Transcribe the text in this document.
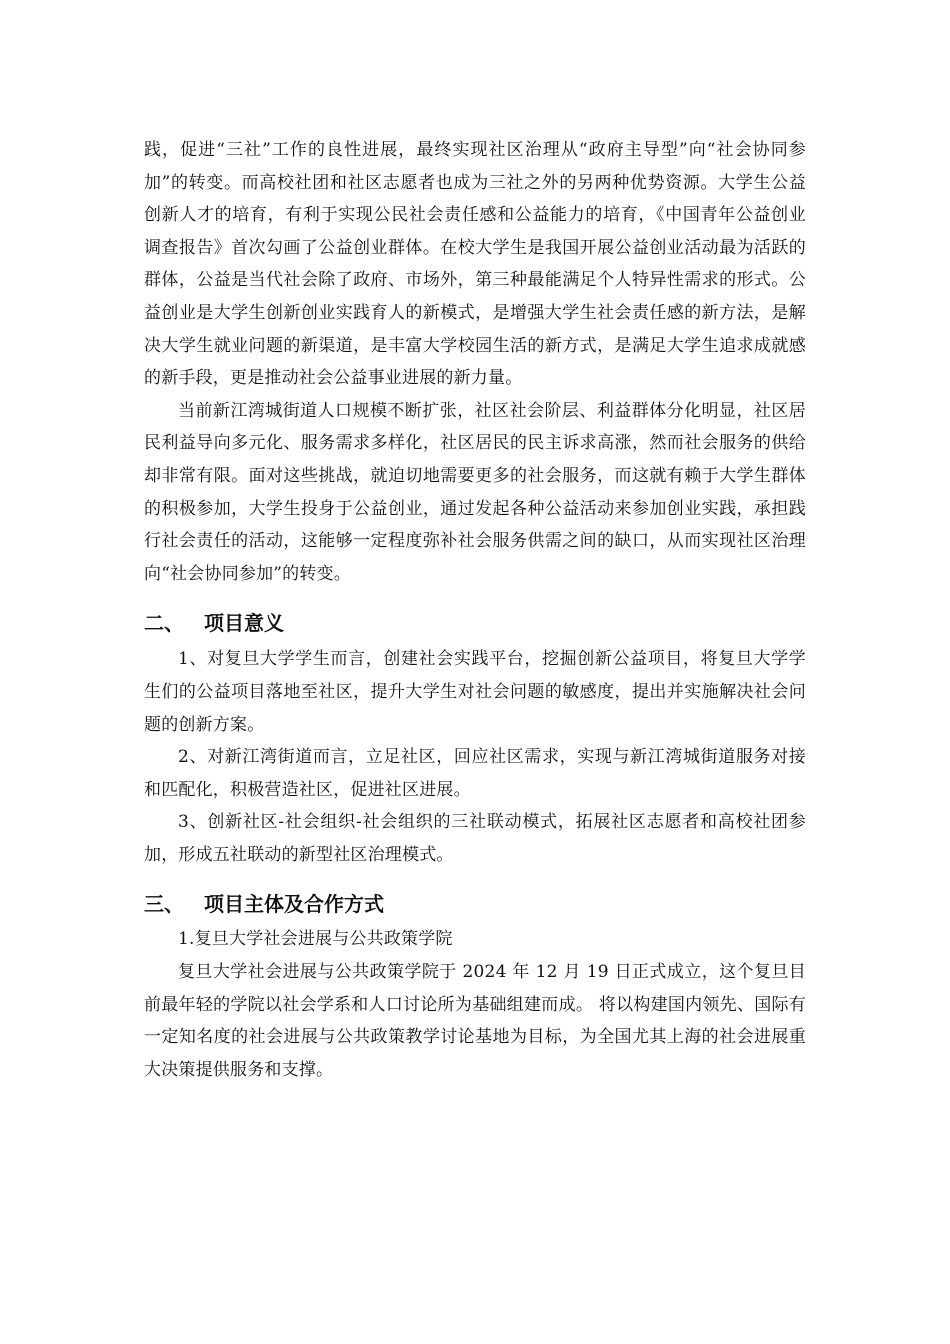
践，促进“三社”工作的良性进展，最终实现社区治理从“政府主导型”向“社会协同参加”的转变。而高校社团和社区志愿者也成为三社之外的另两种优势资源。大学生公益创新人才的培育，有利于实现公民社会责任感和公益能力的培育，《中国青年公益创业调查报告》首次勾画了公益创业群体。在校大学生是我国开展公益创业活动最为活跃的群体，公益是当代社会除了政府、市场外，第三种最能满足个人特异性需求的形式。公益创业是大学生创新创业实践育人的新模式，是增强大学生社会责任感的新方法，是解决大学生就业问题的新渠道，是丰富大学校园生活的新方式，是满足大学生追求成就感的新手段，更是推动社会公益事业进展的新力量。

当前新江湾城街道人口规模不断扩张，社区社会阶层、利益群体分化明显，社区居民利益导向多元化、服务需求多样化，社区居民的民主诉求高涨，然而社会服务的供给却非常有限。面对这些挑战，就迫切地需要更多的社会服务，而这就有赖于大学生群体的积极参加，大学生投身于公益创业，通过发起各种公益活动来参加创业实践，承担践行社会责任的活动，这能够一定程度弥补社会服务供需之间的缺口，从而实现社区治理向“社会协同参加”的转变。

二、	项目意义

1、对复旦大学学生而言，创建社会实践平台，挖掘创新公益项目，将复旦大学学生们的公益项目落地至社区，提升大学生对社会问题的敏感度，提出并实施解决社会问题的创新方案。

2、对新江湾街道而言，立足社区，回应社区需求，实现与新江湾城街道服务对接和匹配化，积极营造社区，促进社区进展。

3、创新社区-社会组织-社会组织的三社联动模式，拓展社区志愿者和高校社团参加，形成五社联动的新型社区治理模式。

三、	项目主体及合作方式

1.复旦大学社会进展与公共政策学院

复旦大学社会进展与公共政策学院于 2024 年 12 月 19 日正式成立，这个复旦目前最年轻的学院以社会学系和人口讨论所为基础组建而成。 将以构建国内领先、国际有一定知名度的社会进展与公共政策教学讨论基地为目标，为全国尤其上海的社会进展重大决策提供服务和支撑。
